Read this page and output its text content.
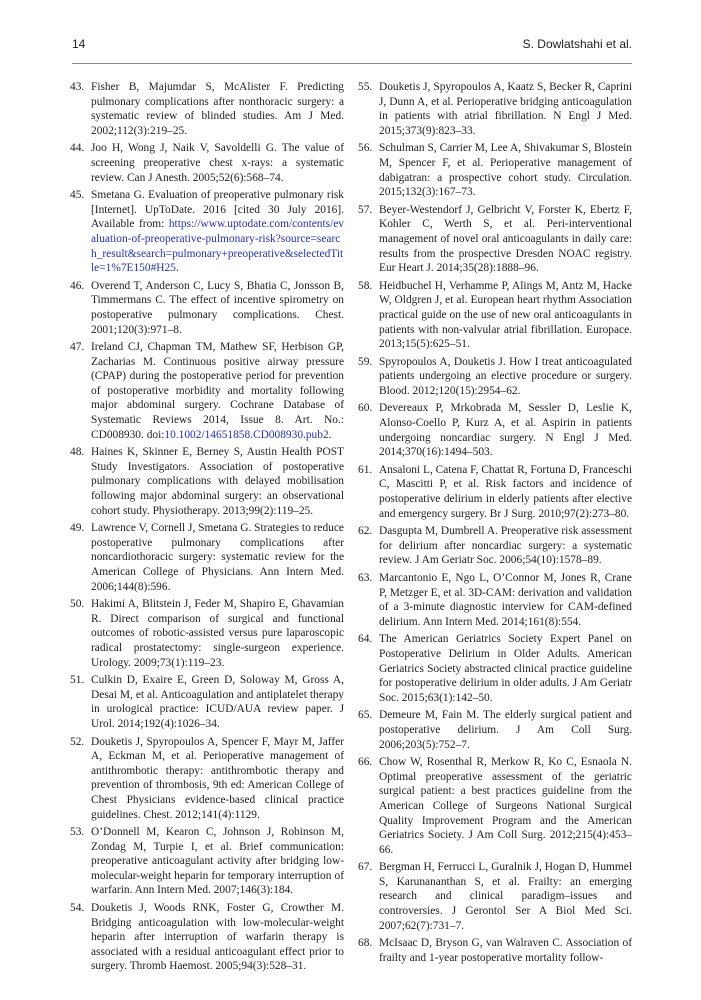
14	S. Dowlatshahi et al.
43. Fisher B, Majumdar S, McAlister F. Predicting pulmonary complications after nonthoracic surgery: a systematic review of blinded studies. Am J Med. 2002;112(3):219–25.
44. Joo H, Wong J, Naik V, Savoldelli G. The value of screening preoperative chest x-rays: a systematic review. Can J Anesth. 2005;52(6):568–74.
45. Smetana G. Evaluation of preoperative pulmonary risk [Internet]. UpToDate. 2016 [cited 30 July 2016]. Available from: https://www.uptodate.com/contents/evaluation-of-preoperative-pulmonary-risk?source=search_result&search=pulmonary+preoperative&selectedTitle=1%7E150#H25.
46. Overend T, Anderson C, Lucy S, Bhatia C, Jonsson B, Timmermans C. The effect of incentive spirometry on postoperative pulmonary complications. Chest. 2001;120(3):971–8.
47. Ireland CJ, Chapman TM, Mathew SF, Herbison GP, Zacharias M. Continuous positive airway pressure (CPAP) during the postoperative period for prevention of postoperative morbidity and mortality following major abdominal surgery. Cochrane Database of Systematic Reviews 2014, Issue 8. Art. No.: CD008930. doi:10.1002/14651858.CD008930.pub2.
48. Haines K, Skinner E, Berney S, Austin Health POST Study Investigators. Association of postoperative pulmonary complications with delayed mobilisation following major abdominal surgery: an observational cohort study. Physiotherapy. 2013;99(2):119–25.
49. Lawrence V, Cornell J, Smetana G. Strategies to reduce postoperative pulmonary complications after noncardiothoracic surgery: systematic review for the American College of Physicians. Ann Intern Med. 2006;144(8):596.
50. Hakimi A, Blitstein J, Feder M, Shapiro E, Ghavamian R. Direct comparison of surgical and functional outcomes of robotic-assisted versus pure laparoscopic radical prostatectomy: single-surgeon experience. Urology. 2009;73(1):119–23.
51. Culkin D, Exaire E, Green D, Soloway M, Gross A, Desai M, et al. Anticoagulation and antiplatelet therapy in urological practice: ICUD/AUA review paper. J Urol. 2014;192(4):1026–34.
52. Douketis J, Spyropoulos A, Spencer F, Mayr M, Jaffer A, Eckman M, et al. Perioperative management of antithrombotic therapy: antithrombotic therapy and prevention of thrombosis, 9th ed: American College of Chest Physicians evidence-based clinical practice guidelines. Chest. 2012;141(4):1129.
53. O’Donnell M, Kearon C, Johnson J, Robinson M, Zondag M, Turpie I, et al. Brief communication: preoperative anticoagulant activity after bridging low-molecular-weight heparin for temporary interruption of warfarin. Ann Intern Med. 2007;146(3):184.
54. Douketis J, Woods RNK, Foster G, Crowther M. Bridging anticoagulation with low-molecular-weight heparin after interruption of warfarin therapy is associated with a residual anticoagulant effect prior to surgery. Thromb Haemost. 2005;94(3):528–31.
55. Douketis J, Spyropoulos A, Kaatz S, Becker R, Caprini J, Dunn A, et al. Perioperative bridging anticoagulation in patients with atrial fibrillation. N Engl J Med. 2015;373(9):823–33.
56. Schulman S, Carrier M, Lee A, Shivakumar S, Blostein M, Spencer F, et al. Perioperative management of dabigatran: a prospective cohort study. Circulation. 2015;132(3):167–73.
57. Beyer-Westendorf J, Gelbricht V, Forster K, Ebertz F, Kohler C, Werth S, et al. Peri-interventional management of novel oral anticoagulants in daily care: results from the prospective Dresden NOAC registry. Eur Heart J. 2014;35(28):1888–96.
58. Heidbuchel H, Verhamme P, Alings M, Antz M, Hacke W, Oldgren J, et al. European heart rhythm Association practical guide on the use of new oral anticoagulants in patients with non-valvular atrial fibrillation. Europace. 2013;15(5):625–51.
59. Spyropoulos A, Douketis J. How I treat anticoagulated patients undergoing an elective procedure or surgery. Blood. 2012;120(15):2954–62.
60. Devereaux P, Mrkobrada M, Sessler D, Leslie K, Alonso-Coello P, Kurz A, et al. Aspirin in patients undergoing noncardiac surgery. N Engl J Med. 2014;370(16):1494–503.
61. Ansaloni L, Catena F, Chattat R, Fortuna D, Franceschi C, Mascitti P, et al. Risk factors and incidence of postoperative delirium in elderly patients after elective and emergency surgery. Br J Surg. 2010;97(2):273–80.
62. Dasgupta M, Dumbrell A. Preoperative risk assessment for delirium after noncardiac surgery: a systematic review. J Am Geriatr Soc. 2006;54(10):1578–89.
63. Marcantonio E, Ngo L, O’Connor M, Jones R, Crane P, Metzger E, et al. 3D-CAM: derivation and validation of a 3-minute diagnostic interview for CAM-defined delirium. Ann Intern Med. 2014;161(8):554.
64. The American Geriatrics Society Expert Panel on Postoperative Delirium in Older Adults. American Geriatrics Society abstracted clinical practice guideline for postoperative delirium in older adults. J Am Geriatr Soc. 2015;63(1):142–50.
65. Demeure M, Fain M. The elderly surgical patient and postoperative delirium. J Am Coll Surg. 2006;203(5):752–7.
66. Chow W, Rosenthal R, Merkow R, Ko C, Esnaola N. Optimal preoperative assessment of the geriatric surgical patient: a best practices guideline from the American College of Surgeons National Surgical Quality Improvement Program and the American Geriatrics Society. J Am Coll Surg. 2012;215(4):453–66.
67. Bergman H, Ferrucci L, Guralnik J, Hogan D, Hummel S, Karunananthan S, et al. Frailty: an emerging research and clinical paradigm–issues and controversies. J Gerontol Ser A Biol Med Sci. 2007;62(7):731–7.
68. McIsaac D, Bryson G, van Walraven C. Association of frailty and 1-year postoperative mortality follow-
